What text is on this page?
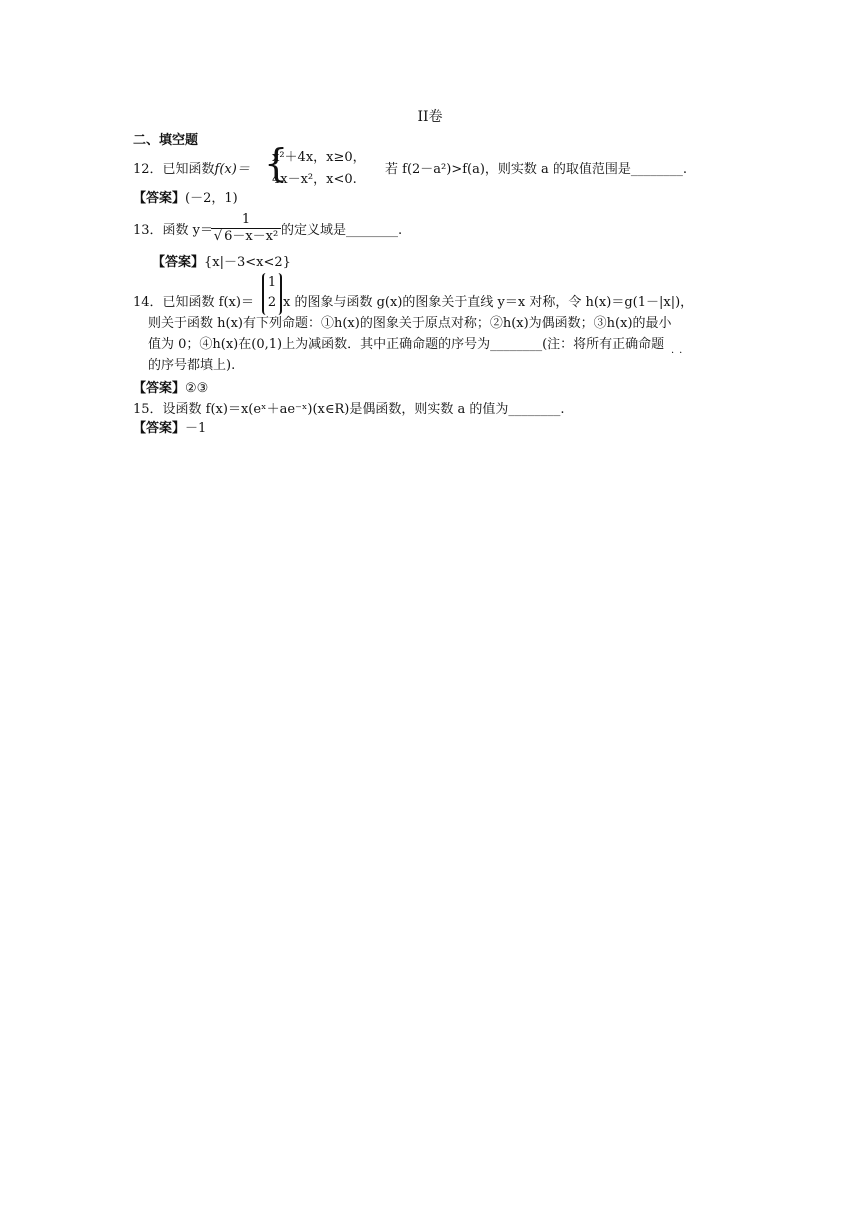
II卷
二、填空题
12．已知函数f(x)＝ {
x²＋4x，x≥0，
4x－x²，x<0.
若 f(2－a²)>f(a)，则实数 a 的取值范围是________.
【答案】(－2，1)
13．函数 y＝
$\frac{1}{\text{√ 6－x－x²}}$ 的定义域是________.
【答案】{x|－3<x<2}
14．已知函数 f(x)＝
1
2 x 的图象与函数 g(x)的图象关于直线 y＝x 对称，令 h(x)＝g(1－|x|)，
则关于函数 h(x)有下列命题：①h(x)的图象关于原点对称；②h(x)为偶函数；③h(x)的最小
值为 0；④h(x)在(0,1)上为减函数．其中正确命题的序号为________(注：将所有正确命题
··
的序号都填上).
【答案】②③
15．设函数 f(x)＝x(eˣ＋ae⁻ˣ)(x∈R)是偶函数，则实数 a 的值为________.
【答案】－1
